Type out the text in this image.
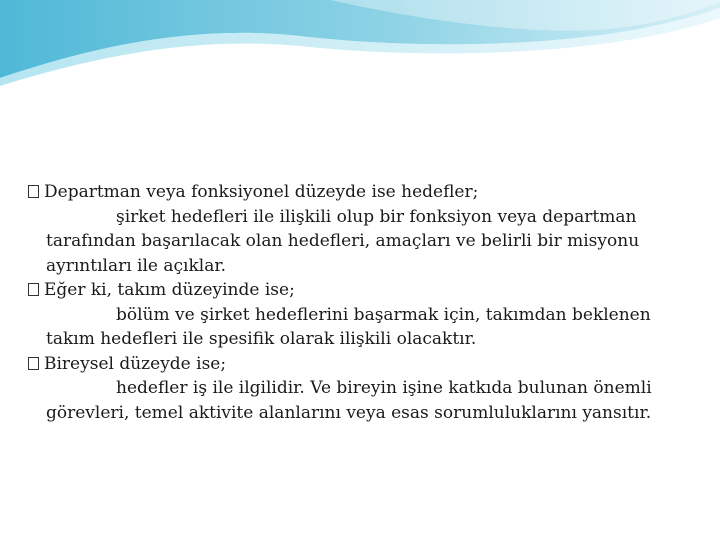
Departman veya fonksiyonel düzeyde ise hedefler;
şirket hedefleri ile ilişkili olup bir fonksiyon veya departman tarafından başarılacak olan hedefleri, amaçları ve belirli bir misyonu ayrıntıları ile açıklar.
Eğer ki, takım düzeyinde ise;
bölüm ve şirket hedeflerini başarmak için, takımdan beklenen takım hedefleri ile spesifik olarak ilişkili olacaktır.
Bireysel düzeyde ise;
hedefler iş ile ilgilidir. Ve bireyin işine katkıda bulunan önemli görevleri, temel aktivite alanlarını veya esas sorumluluklarını yansıtır.
